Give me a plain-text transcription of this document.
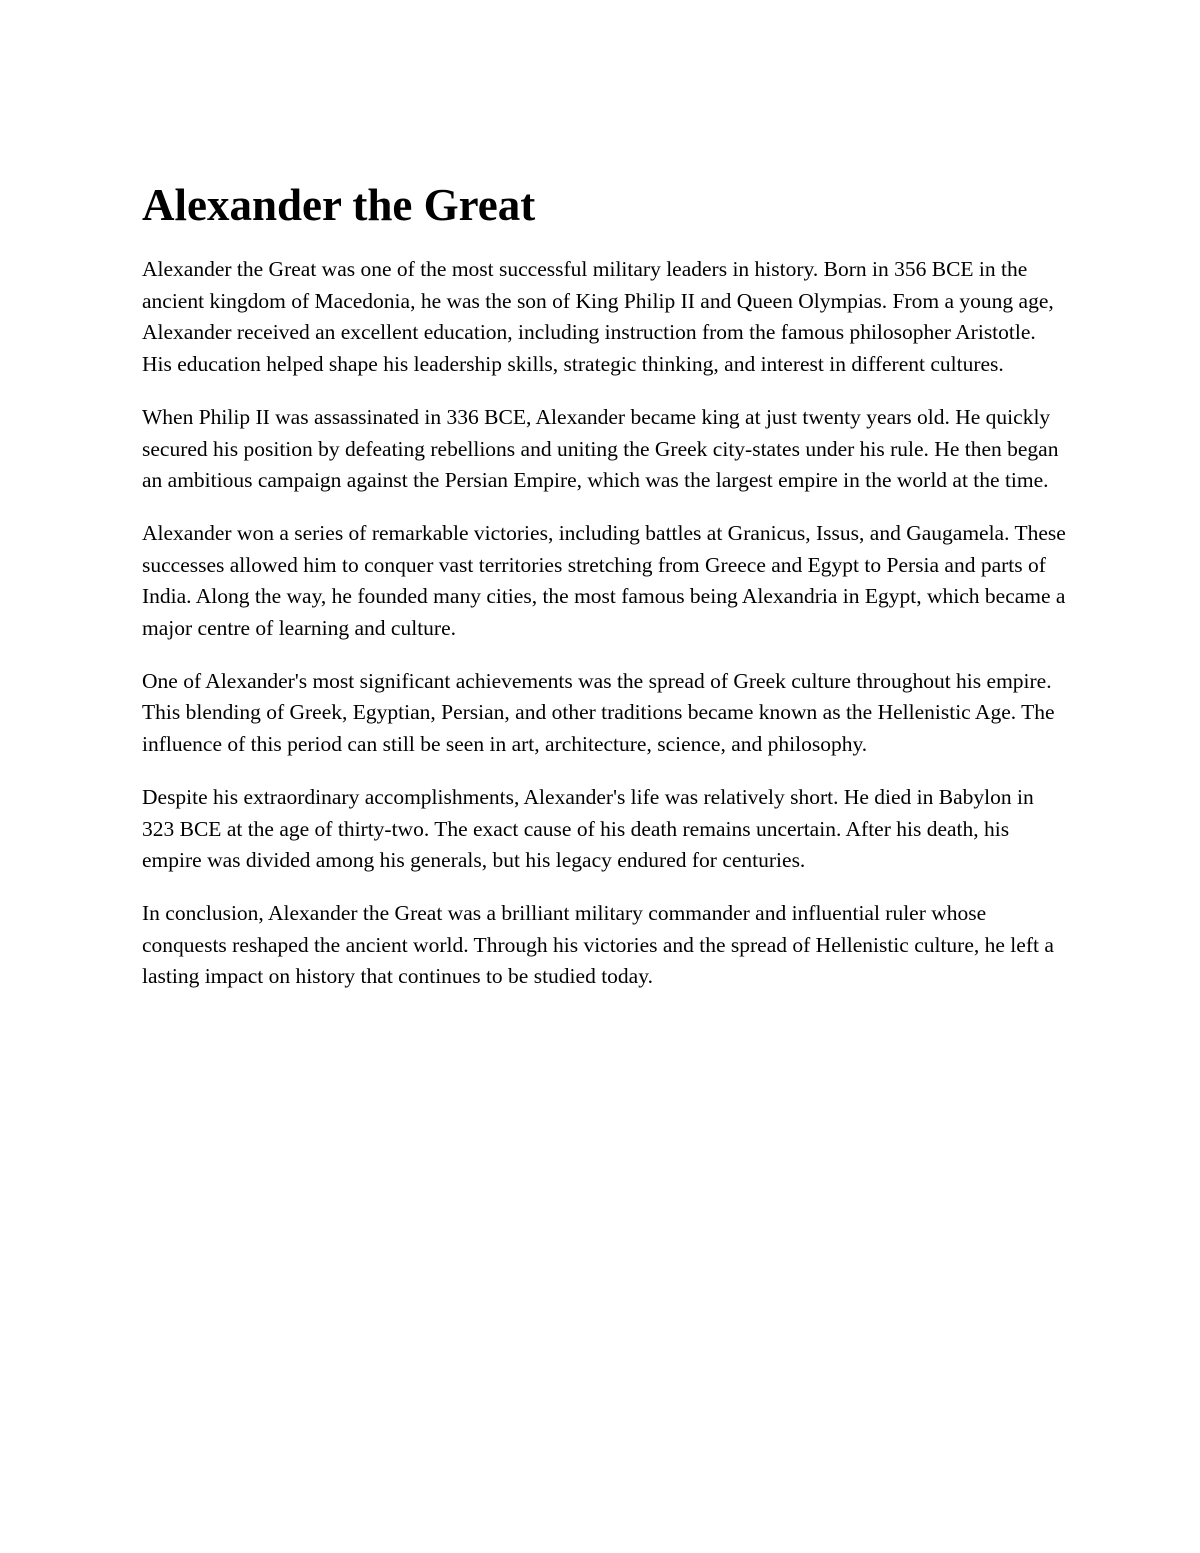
Alexander the Great

Alexander the Great was one of the most successful military leaders in history. Born in 356 BCE in the ancient kingdom of Macedonia, he was the son of King Philip II and Queen Olympias. From a young age, Alexander received an excellent education, including instruction from the famous philosopher Aristotle. His education helped shape his leadership skills, strategic thinking, and interest in different cultures.

When Philip II was assassinated in 336 BCE, Alexander became king at just twenty years old. He quickly secured his position by defeating rebellions and uniting the Greek city-states under his rule. He then began an ambitious campaign against the Persian Empire, which was the largest empire in the world at the time.

Alexander won a series of remarkable victories, including battles at Granicus, Issus, and Gaugamela. These successes allowed him to conquer vast territories stretching from Greece and Egypt to Persia and parts of India. Along the way, he founded many cities, the most famous being Alexandria in Egypt, which became a major centre of learning and culture.

One of Alexander's most significant achievements was the spread of Greek culture throughout his empire. This blending of Greek, Egyptian, Persian, and other traditions became known as the Hellenistic Age. The influence of this period can still be seen in art, architecture, science, and philosophy.

Despite his extraordinary accomplishments, Alexander's life was relatively short. He died in Babylon in 323 BCE at the age of thirty-two. The exact cause of his death remains uncertain. After his death, his empire was divided among his generals, but his legacy endured for centuries.

In conclusion, Alexander the Great was a brilliant military commander and influential ruler whose conquests reshaped the ancient world. Through his victories and the spread of Hellenistic culture, he left a lasting impact on history that continues to be studied today.
